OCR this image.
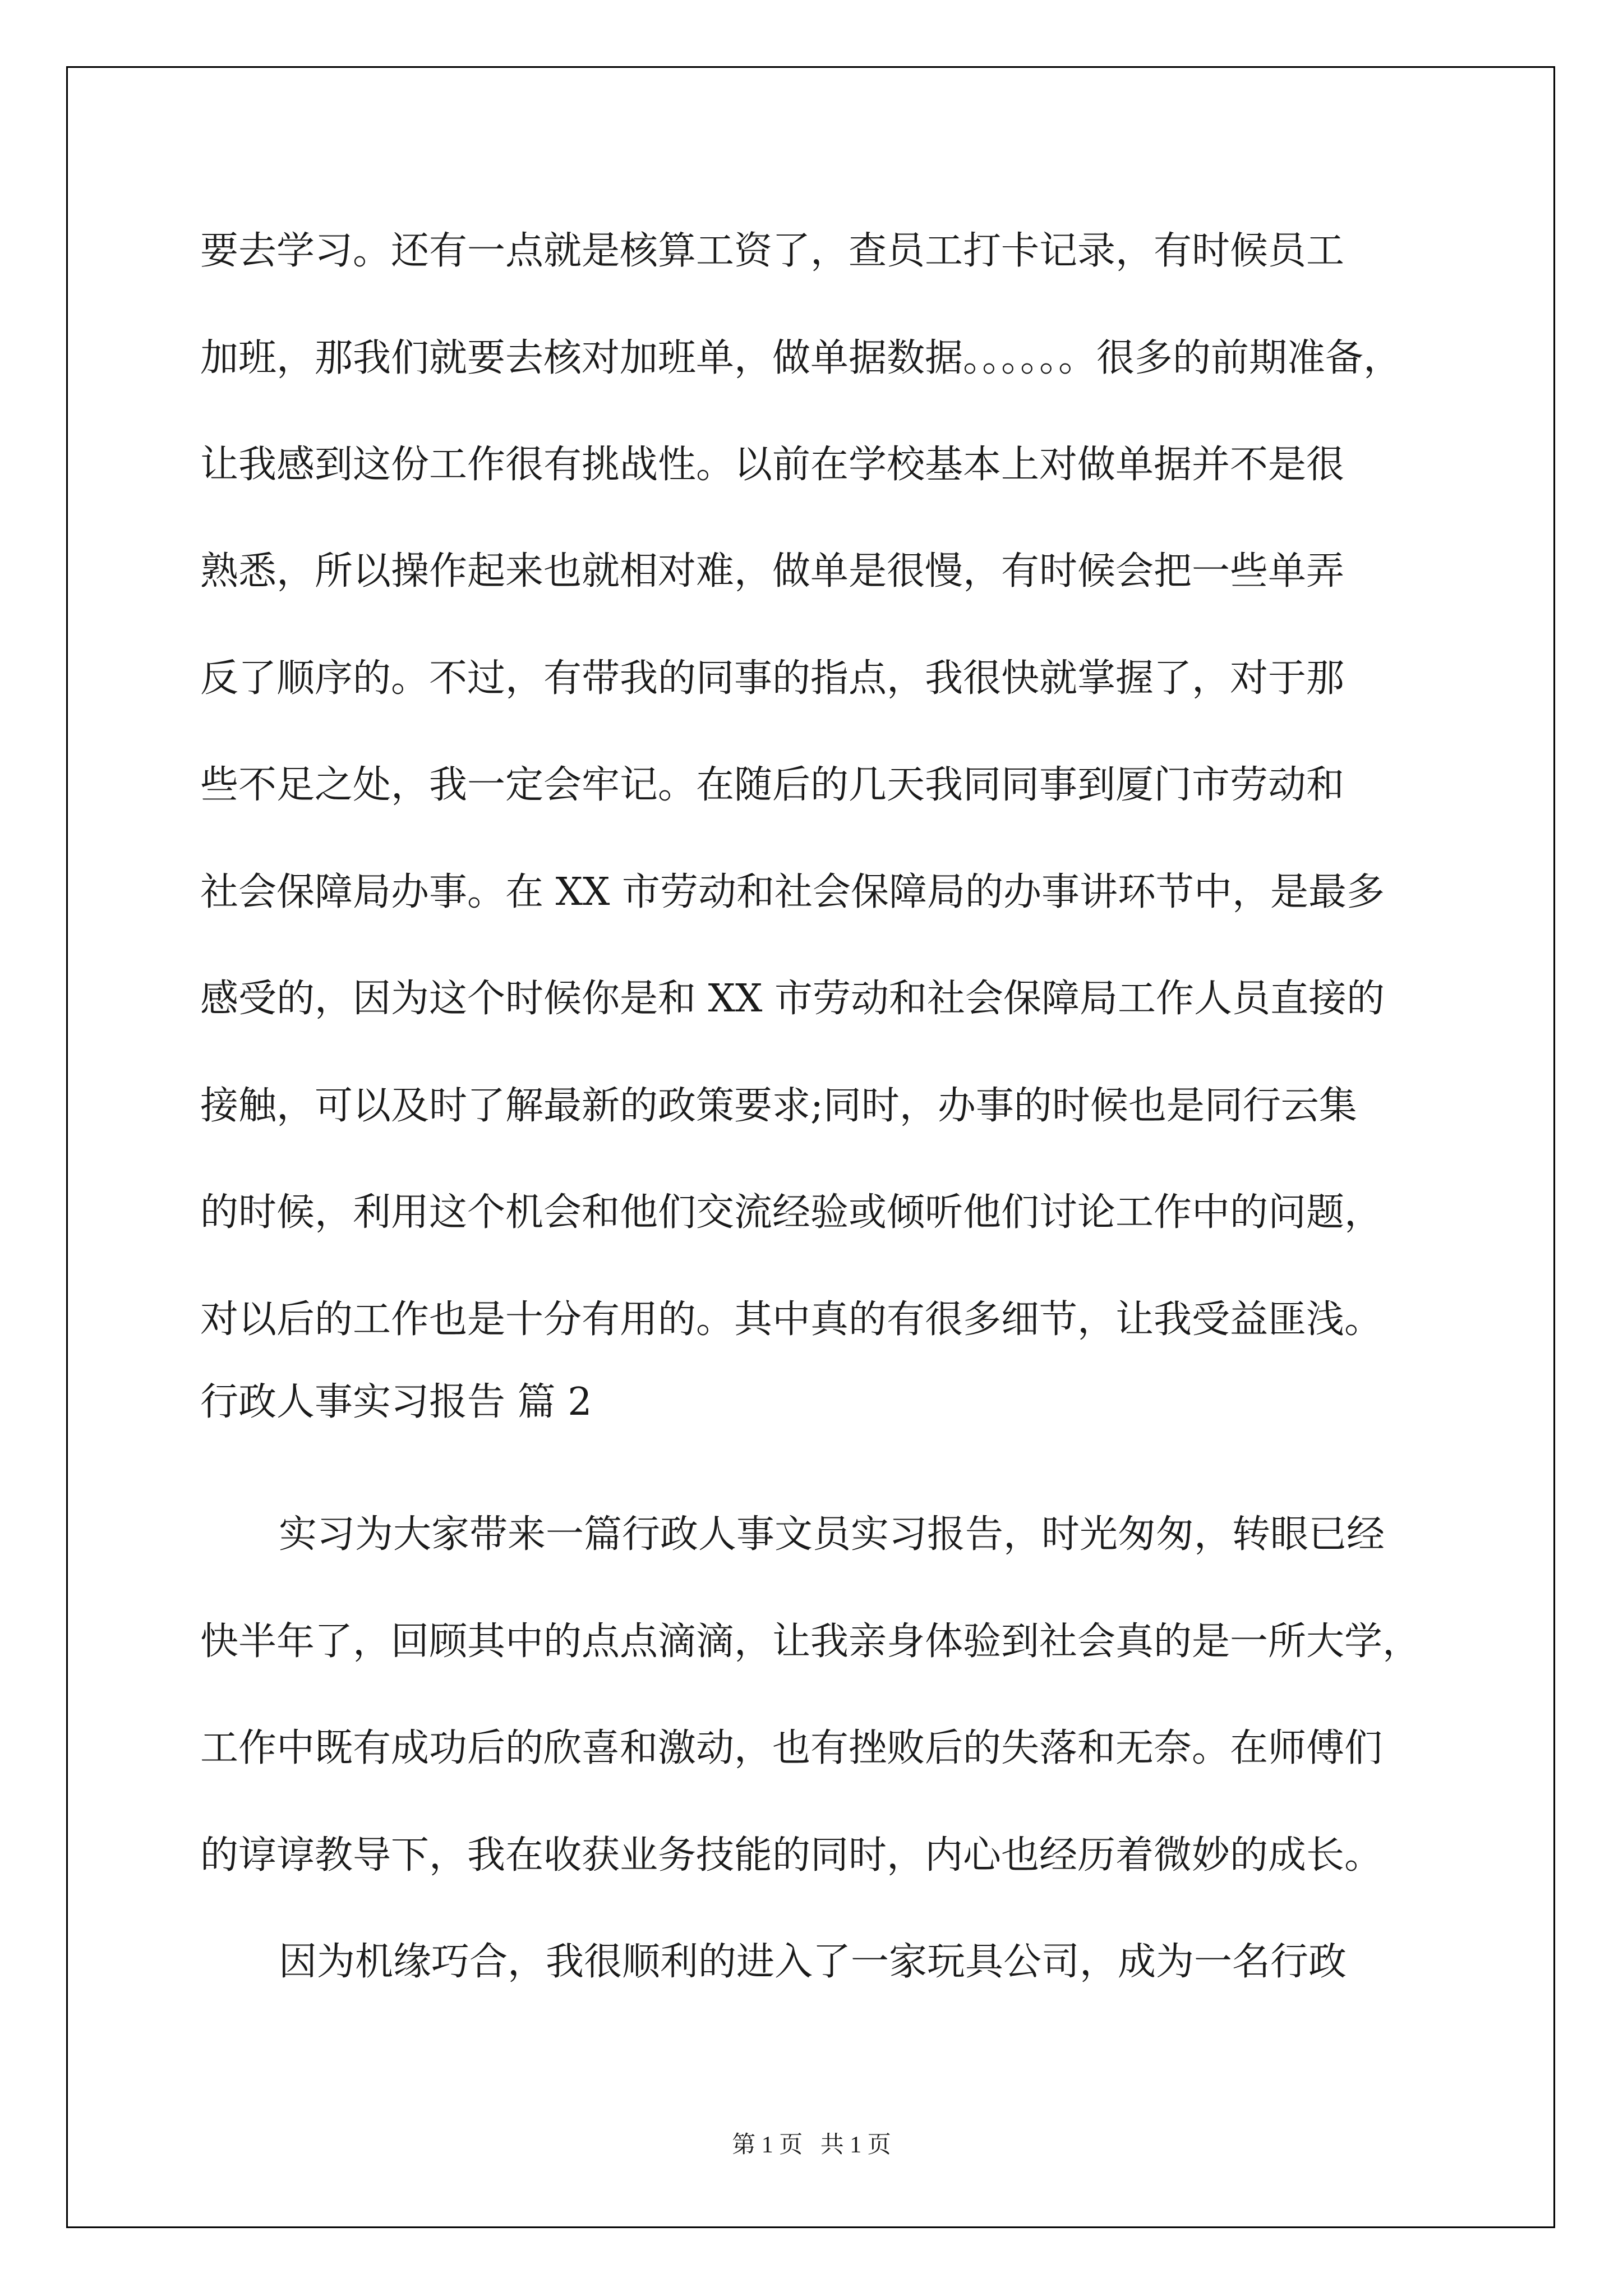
要去学习。还有一点就是核算工资了，查员工打卡记录，有时候员工

加班，那我们就要去核对加班单，做单据数据。。。。。。很多的前期准备，

让我感到这份工作很有挑战性。以前在学校基本上对做单据并不是很

熟悉，所以操作起来也就相对难，做单是很慢，有时候会把一些单弄

反了顺序的。不过，有带我的同事的指点，我很快就掌握了，对于那

些不足之处，我一定会牢记。在随后的几天我同同事到厦门市劳动和

社会保障局办事。在 XX 市劳动和社会保障局的办事讲环节中，是最多

感受的，因为这个时候你是和 XX 市劳动和社会保障局工作人员直接的

接触，可以及时了解最新的政策要求;同时，办事的时候也是同行云集

的时候，利用这个机会和他们交流经验或倾听他们讨论工作中的问题，

对以后的工作也是十分有用的。其中真的有很多细节，让我受益匪浅。

行政人事实习报告 篇 2

实习为大家带来一篇行政人事文员实习报告，时光匆匆，转眼已经

快半年了，回顾其中的点点滴滴，让我亲身体验到社会真的是一所大学，

工作中既有成功后的欣喜和激动，也有挫败后的失落和无奈。在师傅们

的谆谆教导下，我在收获业务技能的同时，内心也经历着微妙的成长。

因为机缘巧合，我很顺利的进入了一家玩具公司，成为一名行政

第 1 页   共 1 页
